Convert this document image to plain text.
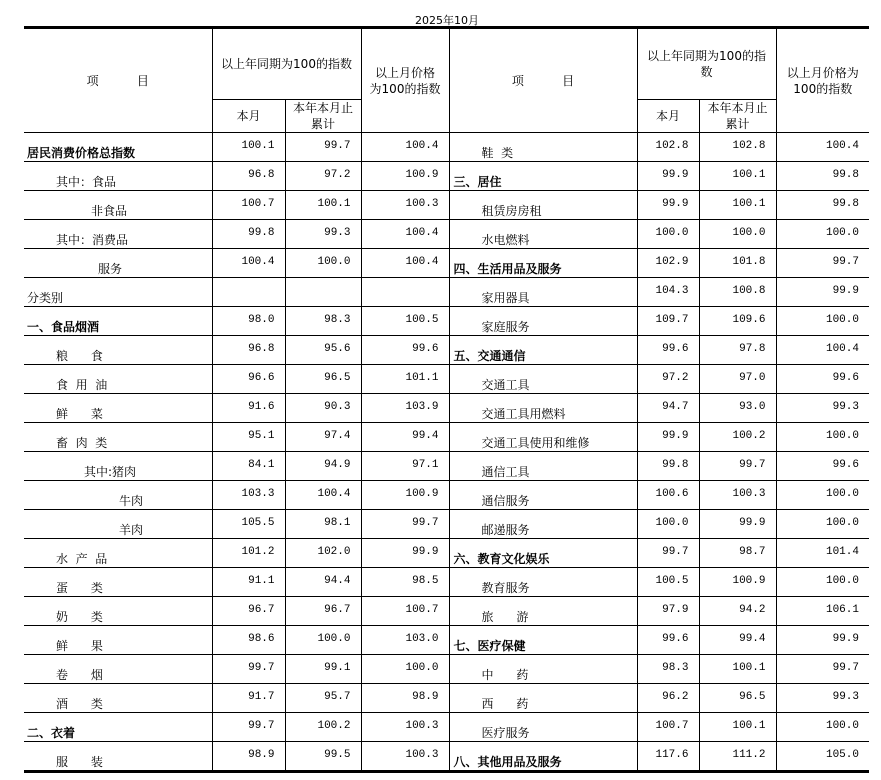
2025年10月
项          目	以上年同期为100的指数		以上月价格为100的指数	项          目	以上年同期为100的指数		以上月价格为100的指数
	本月	本年本月止累计			本月	本年本月止累计	
居民消费价格总指数	100.1	99.7	100.4	鞋  类	102.8	102.8	100.4
其中：食品	96.8	97.2	100.9	三、居住	99.9	100.1	99.8
非食品	100.7	100.1	100.3	租赁房房租	99.9	100.1	99.8
其中：消费品	99.8	99.3	100.4	水电燃料	100.0	100.0	100.0
服务	100.4	100.0	100.4	四、生活用品及服务	102.9	101.8	99.7
分类别				家用器具	104.3	100.8	99.9
一、食品烟酒	98.0	98.3	100.5	家庭服务	109.7	109.6	100.0
粮      食	96.8	95.6	99.6	五、交通通信	99.6	97.8	100.4
食  用  油	96.6	96.5	101.1	交通工具	97.2	97.0	99.6
鲜      菜	91.6	90.3	103.9	交通工具用燃料	94.7	93.0	99.3
畜  肉  类	95.1	97.4	99.4	交通工具使用和维修	99.9	100.2	100.0
其中:猪肉	84.1	94.9	97.1	通信工具	99.8	99.7	99.6
牛肉	103.3	100.4	100.9	通信服务	100.6	100.3	100.0
羊肉	105.5	98.1	99.7	邮递服务	100.0	99.9	100.0
水  产  品	101.2	102.0	99.9	六、教育文化娱乐	99.7	98.7	101.4
蛋      类	91.1	94.4	98.5	教育服务	100.5	100.9	100.0
奶      类	96.7	96.7	100.7	旅      游	97.9	94.2	106.1
鲜      果	98.6	100.0	103.0	七、医疗保健	99.6	99.4	99.9
卷      烟	99.7	99.1	100.0	中      药	98.3	100.1	99.7
酒      类	91.7	95.7	98.9	西      药	96.2	96.5	99.3
二、衣着	99.7	100.2	100.3	医疗服务	100.7	100.1	100.0
服      装	98.9	99.5	100.3	八、其他用品及服务	117.6	111.2	105.0
